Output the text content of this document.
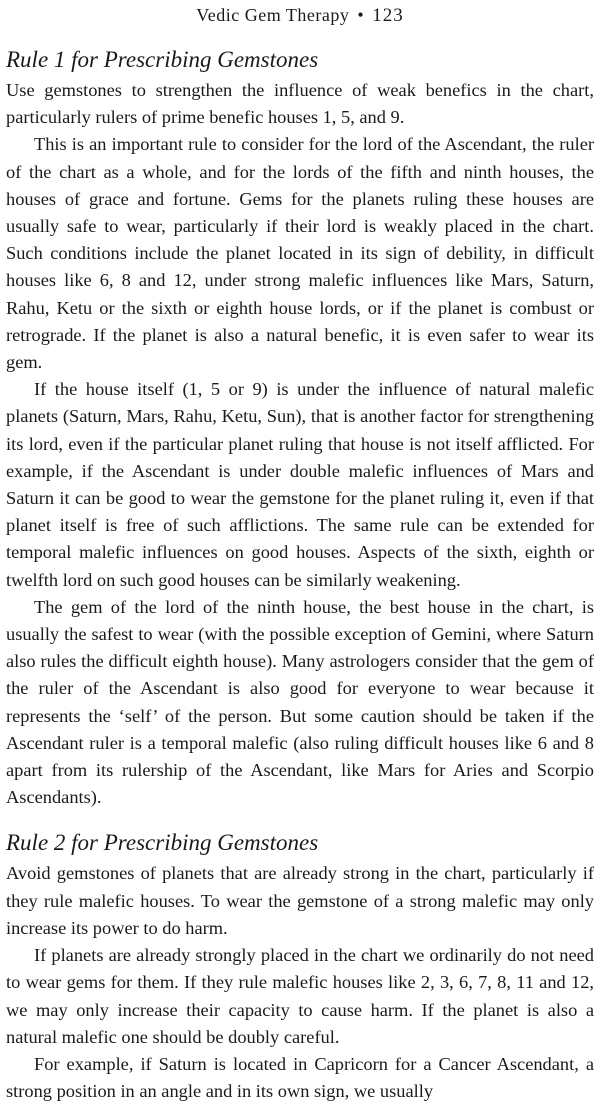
Vedic Gem Therapy • 123
Rule 1 for Prescribing Gemstones

Use gemstones to strengthen the influence of weak benefics in the chart, particularly rulers of prime benefic houses 1, 5, and 9.

This is an important rule to consider for the lord of the Ascendant, the ruler of the chart as a whole, and for the lords of the fifth and ninth houses, the houses of grace and fortune. Gems for the planets ruling these houses are usually safe to wear, particularly if their lord is weakly placed in the chart. Such conditions include the planet located in its sign of debility, in difficult houses like 6, 8 and 12, under strong malefic influences like Mars, Saturn, Rahu, Ketu or the sixth or eighth house lords, or if the planet is combust or retrograde. If the planet is also a natural benefic, it is even safer to wear its gem.

If the house itself (1, 5 or 9) is under the influence of natural malefic planets (Saturn, Mars, Rahu, Ketu, Sun), that is another factor for strengthening its lord, even if the particular planet ruling that house is not itself afflicted. For example, if the Ascendant is under double malefic influences of Mars and Saturn it can be good to wear the gemstone for the planet ruling it, even if that planet itself is free of such afflictions. The same rule can be extended for temporal malefic influences on good houses. Aspects of the sixth, eighth or twelfth lord on such good houses can be similarly weakening.

The gem of the lord of the ninth house, the best house in the chart, is usually the safest to wear (with the possible exception of Gemini, where Saturn also rules the difficult eighth house). Many astrologers consider that the gem of the ruler of the Ascendant is also good for everyone to wear because it represents the ‘self’ of the person. But some caution should be taken if the Ascendant ruler is a temporal malefic (also ruling difficult houses like 6 and 8 apart from its rulership of the Ascendant, like Mars for Aries and Scorpio Ascendants).

Rule 2 for Prescribing Gemstones

Avoid gemstones of planets that are already strong in the chart, particularly if they rule malefic houses. To wear the gemstone of a strong malefic may only increase its power to do harm.

If planets are already strongly placed in the chart we ordinarily do not need to wear gems for them. If they rule malefic houses like 2, 3, 6, 7, 8, 11 and 12, we may only increase their capacity to cause harm. If the planet is also a natural malefic one should be doubly careful.

For example, if Saturn is located in Capricorn for a Cancer Ascendant, a strong position in an angle and in its own sign, we usually
